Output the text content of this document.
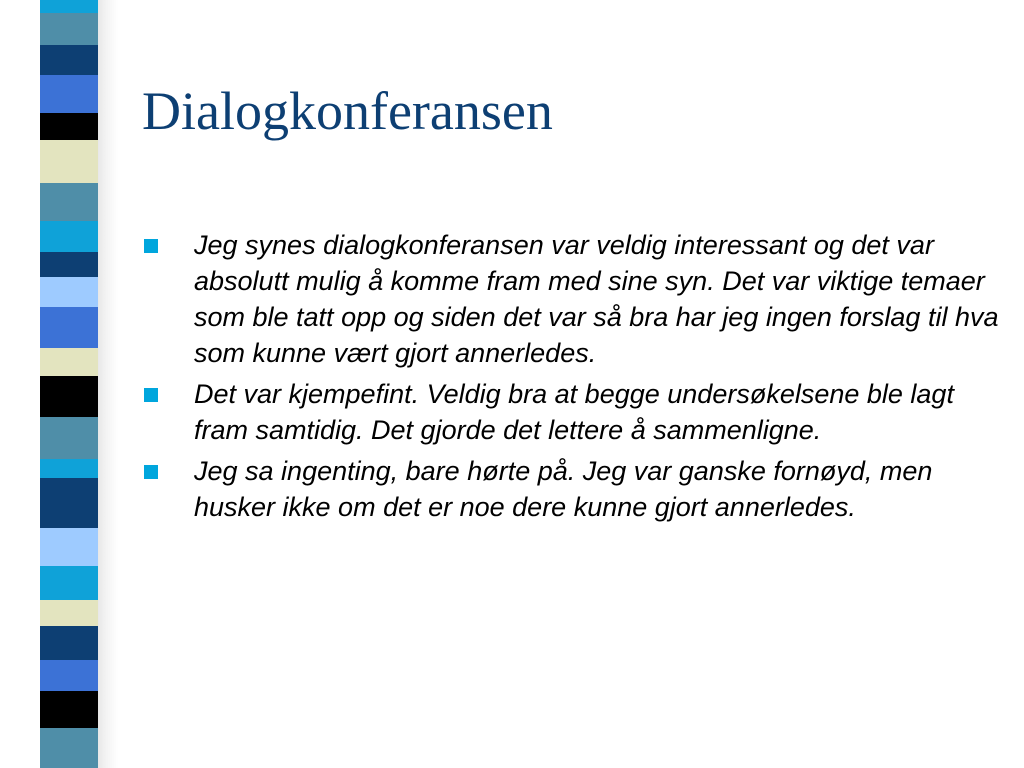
Dialogkonferansen
Jeg synes dialogkonferansen var veldig interessant og det var absolutt mulig å komme fram med sine syn. Det var viktige temaer som ble tatt opp og siden det var så bra har jeg ingen forslag til hva som kunne vært gjort annerledes.
Det var kjempefint. Veldig bra at begge undersøkelsene ble lagt fram samtidig. Det gjorde det lettere å sammenligne.
Jeg sa ingenting, bare hørte på. Jeg var ganske fornøyd, men husker ikke om det er noe dere kunne gjort annerledes.
